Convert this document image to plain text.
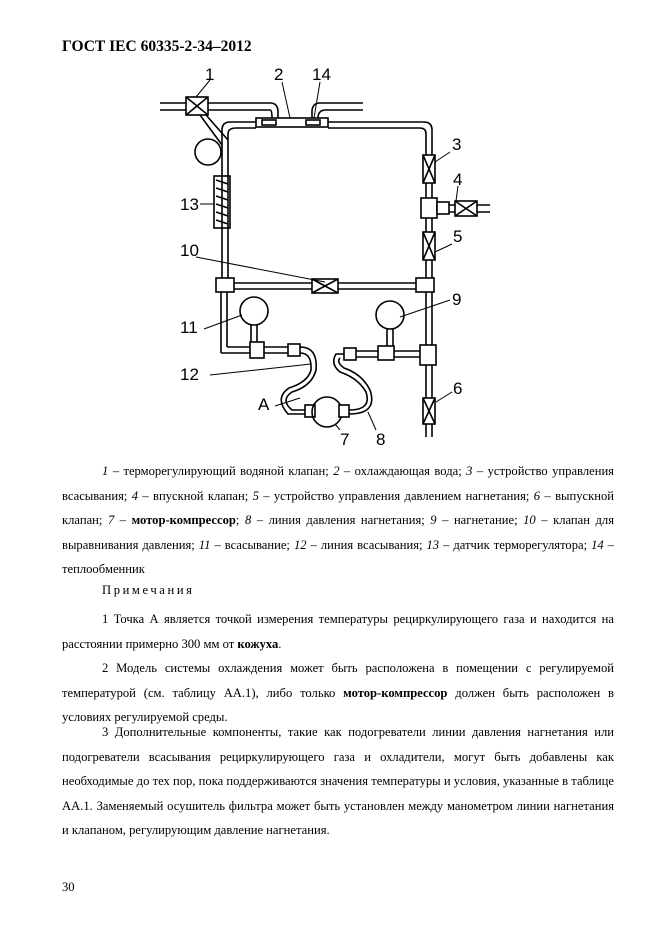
ГОСТ IEC 60335-2-34–2012
1	2 14
3
4
13
5
10
9
11
12
6
A
7 8
1 – терморегулирующий водяной клапан; 2 – охлаждающая вода; 3 – устройство управления всасывания; 4 – впускной клапан; 5 – устройство управления давлением нагнетания; 6 – выпускной клапан; 7 – мотор-компрессор; 8 – линия давления нагнетания; 9 – нагнетание; 10 – клапан для выравнивания давления; 11 – всасывание; 12 – линия всасывания; 13 – датчик терморегулятора; 14 – теплообменник
Примечания

1 Точка А является точкой измерения температуры рециркулирующего газа и находится на расстоянии примерно 300 мм от кожуха.

2 Модель системы охлаждения может быть расположена в помещении с регулируемой температурой (см. таблицу АА.1), либо только мотор-компрессор должен быть расположен в условиях регулируемой среды.

3 Дополнительные компоненты, такие как подогреватели линии давления нагнетания или подогреватели всасывания рециркулирующего газа и охладители, могут быть добавлены как необходимые до тех пор, пока поддерживаются значения температуры и условия, указанные в таблице АА.1. Заменяемый осушитель фильтра может быть установлен между манометром линии нагнетания и клапаном, регулирующим давление нагнетания.

30
